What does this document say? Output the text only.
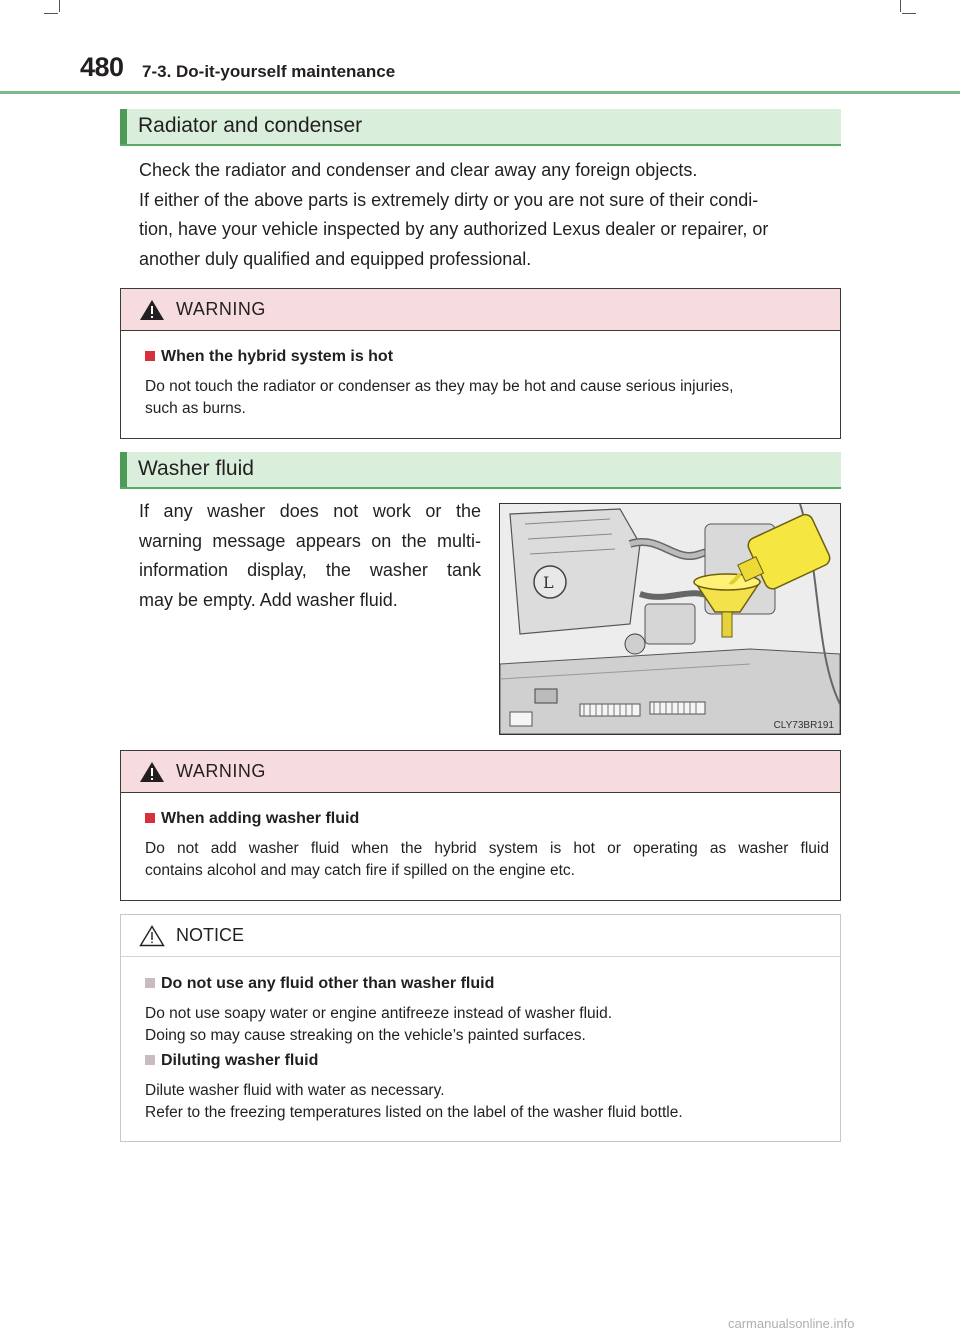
480 7-3. Do-it-yourself maintenance
Radiator and condenser
Check the radiator and condenser and clear away any foreign objects.
If either of the above parts is extremely dirty or you are not sure of their condi-
tion, have your vehicle inspected by any authorized Lexus dealer or repairer, or
another duly qualified and equipped professional.
WARNING
When the hybrid system is hot

Do not touch the radiator or condenser as they may be hot and cause serious injuries,

such as burns.

Washer fluid
If any washer does not work or the
warning message appears on the multi-
information display, the washer tank
may be empty. Add washer fluid.
L
CLY73BR191
WARNING
When adding washer fluid

Do not add washer fluid when the hybrid system is hot or operating as washer fluid

contains alcohol and may catch fire if spilled on the engine etc.

NOTICE
Do not use any fluid other than washer fluid

Do not use soapy water or engine antifreeze instead of washer fluid.

Doing so may cause streaking on the vehicle’s painted surfaces.

Diluting washer fluid

Dilute washer fluid with water as necessary.

Refer to the freezing temperatures listed on the label of the washer fluid bottle.

carmanualsonline.info
